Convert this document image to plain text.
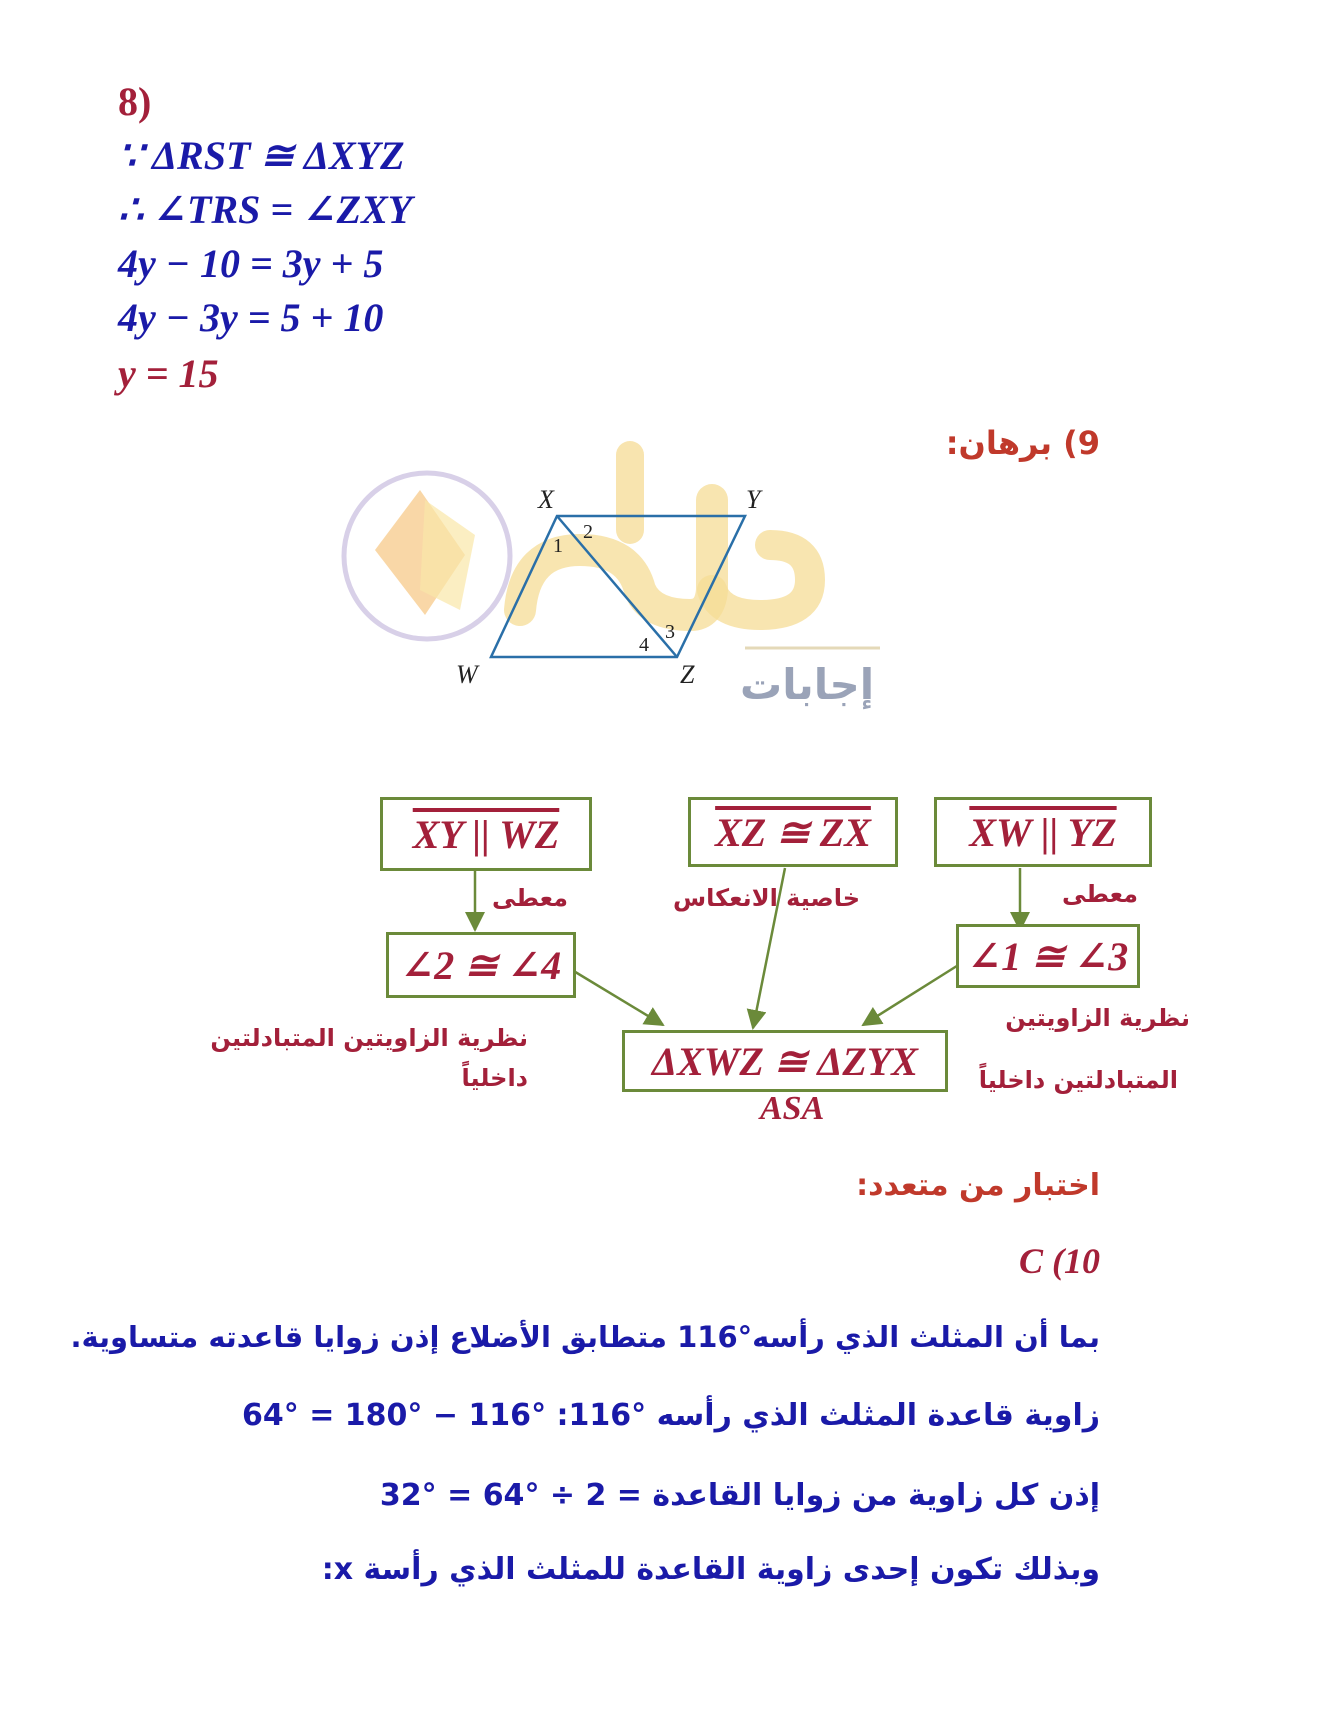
8)
∵ ΔRST ≅ ΔXYZ
∴ ∠TRS = ∠ZXY
4y − 10 = 3y + 5
4y − 3y = 5 + 10
y = 15
9) برهان:
إجابات
X	Y
W	Z
1
2
3
4
XY || WZ	XZ ≅ ZX XW || YZ
معطى	خاصية الانعكاس	معطى
∠2 ≅ ∠4	∠1 ≅ ∠3
نظرية الزاويتين المتبادلتين
داخلياً
نظرية الزاويتين
المتبادلتين داخلياً
ΔXWZ ≅ ΔZYX
ASA
اختبار من متعدد:
C (10
بما أن المثلث الذي رأسه°116 متطابق الأضلاع إذن زوايا قاعدته متساوية.
زاوية قاعدة المثلث الذي رأسه °116: °116 − °180 = °64
إذن كل زاوية من زوايا القاعدة = 2 ÷ °64 = °32
وبذلك تكون إحدى زاوية القاعدة للمثلث الذي رأسة x:
